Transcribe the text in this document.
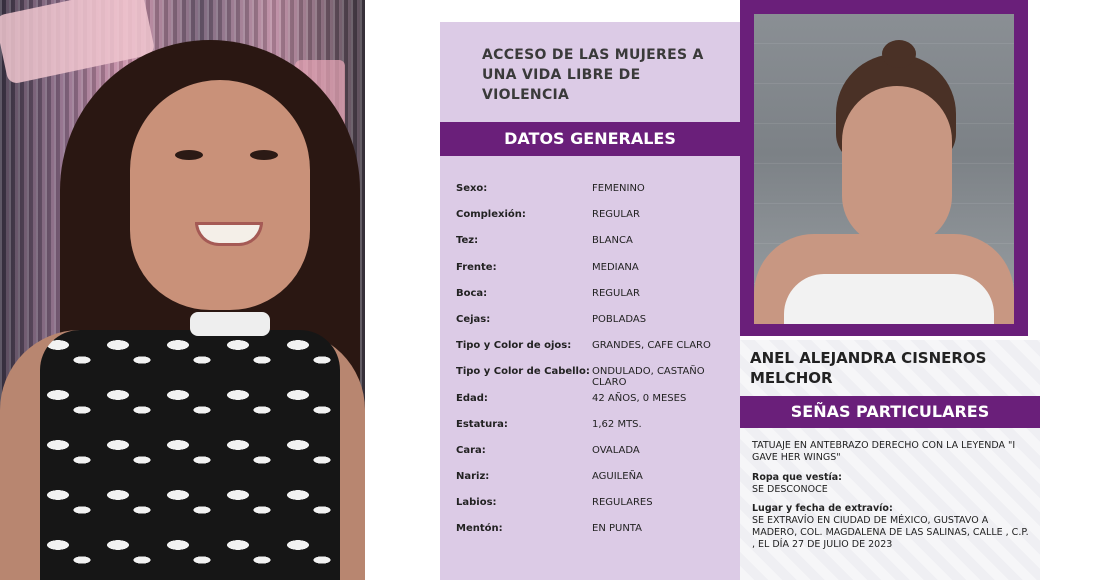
ACCESO DE LAS MUJERES A UNA VIDA LIBRE DE VIOLENCIA
DATOS GENERALES
Sexo:	FEMENINO
Complexión:	REGULAR
Tez:	BLANCA
Frente:	MEDIANA
Boca:	REGULAR
Cejas:	POBLADAS
Tipo y Color de ojos:	GRANDES, CAFE CLARO
Tipo y Color de Cabello: ONDULADO, CASTAÑO CLARO
Edad:	42 AÑOS, 0 MESES
Estatura:	1,62 MTS.
Cara:	OVALADA
Nariz:	AGUILEÑA
Labios:	REGULARES
Mentón:	EN PUNTA
ANEL ALEJANDRA CISNEROS MELCHOR
SEÑAS PARTICULARES
TATUAJE EN ANTEBRAZO DERECHO CON LA LEYENDA "I GAVE HER WINGS"
Ropa que vestía:
SE DESCONOCE
Lugar y fecha de extravío:
SE EXTRAVÍO EN CIUDAD DE MÉXICO, GUSTAVO A MADERO, COL. MAGDALENA DE LAS SALINAS, CALLE , C.P. , EL DÍA 27 DE JULIO DE 2023
